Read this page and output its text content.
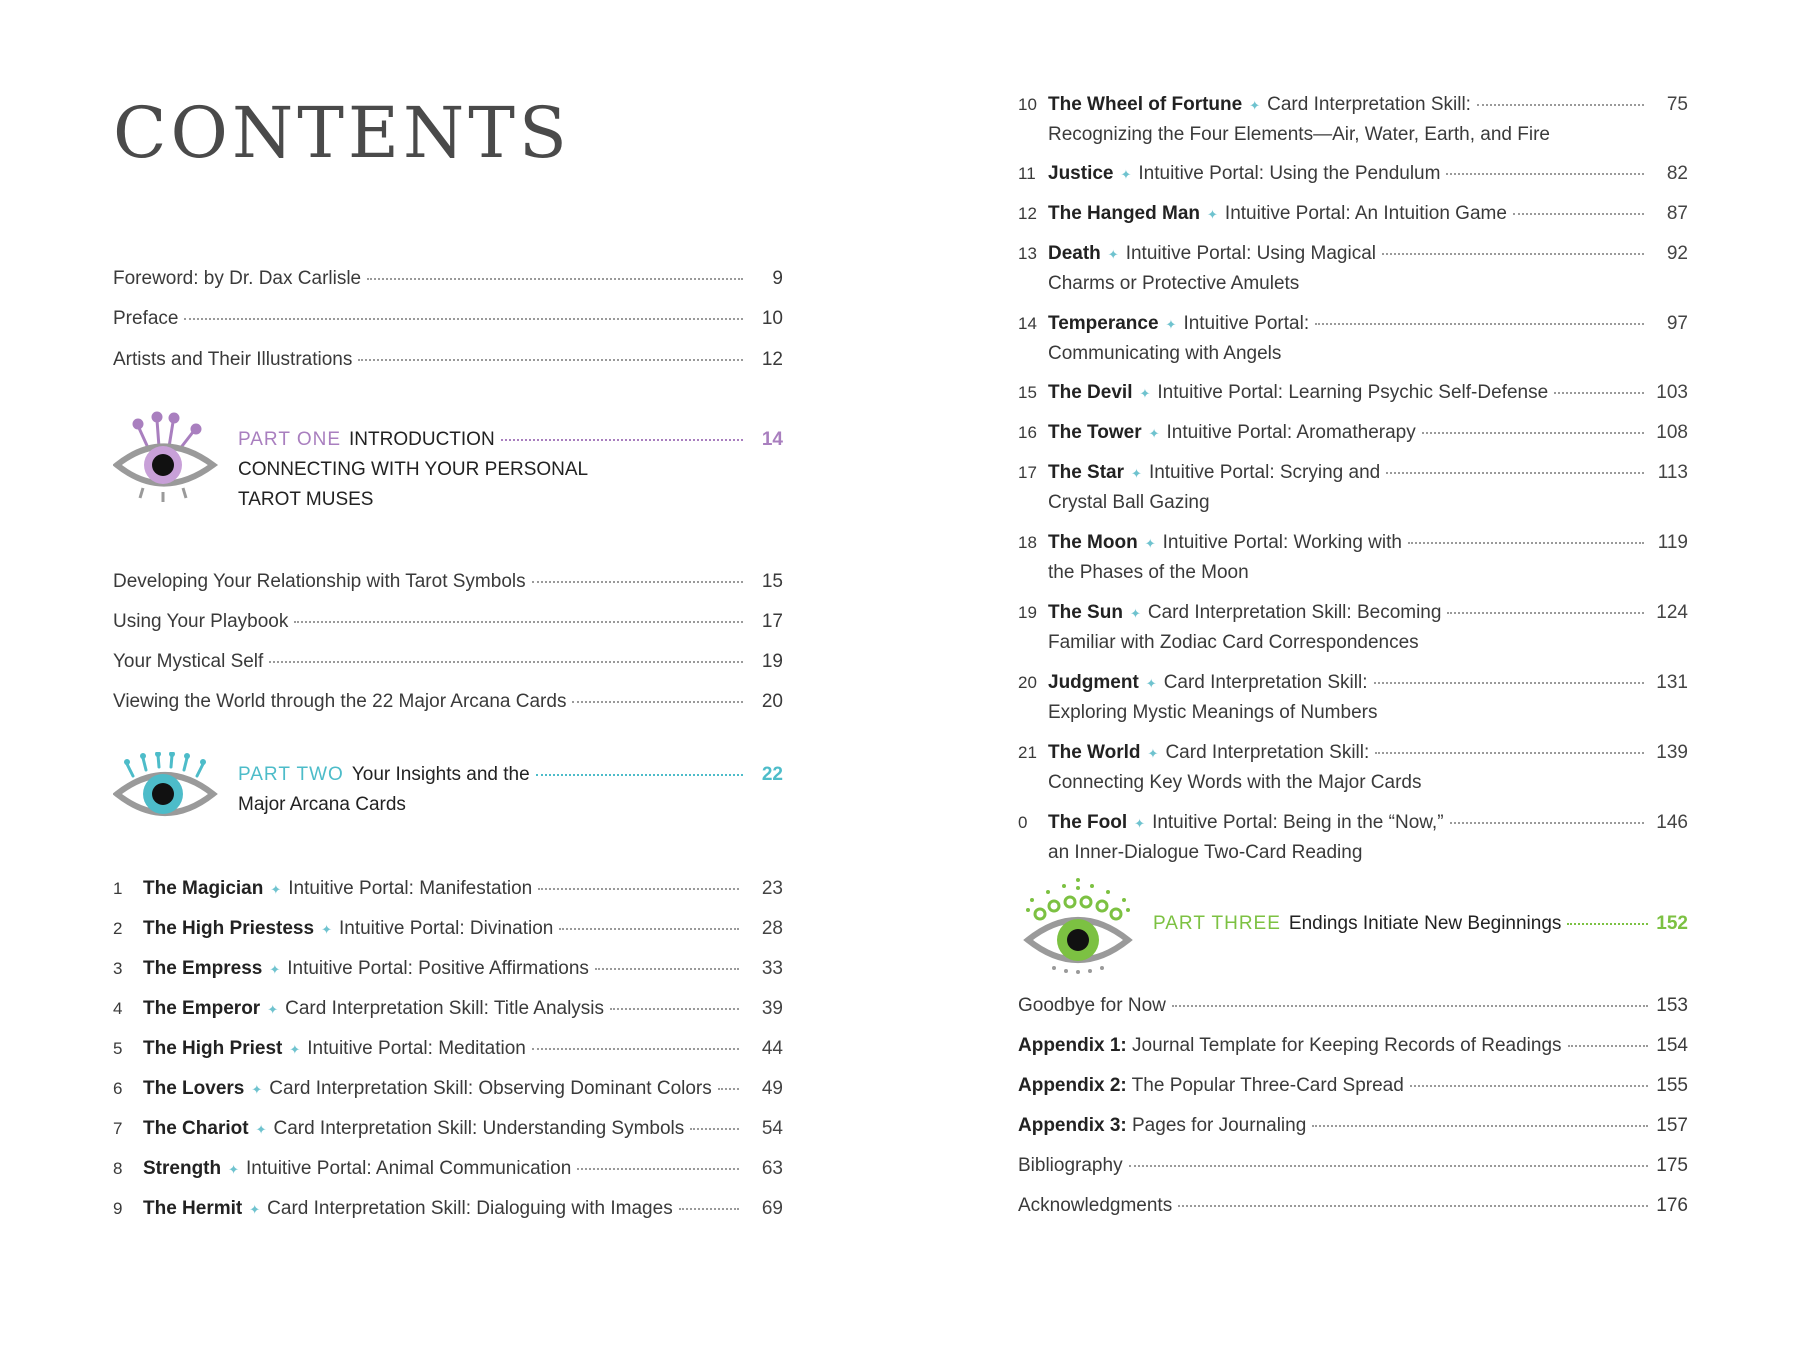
CONTENTS
Foreword: by Dr. Dax Carlisle	9
Preface	10
Artists and Their Illustrations	12
PART ONE INTRODUCTION	14
CONNECTING WITH YOUR PERSONAL
TAROT MUSES
Developing Your Relationship with Tarot Symbols	15
Using Your Playbook	17
Your Mystical Self	19
Viewing the World through the 22 Major Arcana Cards	20
PART TWO Your Insights and the	22
Major Arcana Cards
1	The Magician ✦ Intuitive Portal: Manifestation	23
2	The High Priestess ✦ Intuitive Portal: Divination	28
3	The Empress ✦ Intuitive Portal: Positive Affirmations	33
4	The Emperor ✦ Card Interpretation Skill: Title Analysis	39
5	The High Priest ✦ Intuitive Portal: Meditation	44
6	The Lovers ✦ Card Interpretation Skill: Observing Dominant Colors	49
7	The Chariot ✦ Card Interpretation Skill: Understanding Symbols	54
8	Strength ✦ Intuitive Portal: Animal Communication	63
9	The Hermit ✦ Card Interpretation Skill: Dialoguing with Images	69
10 The Wheel of Fortune ✦ Card Interpretation Skill:	75
Recognizing the Four Elements—Air, Water, Earth, and Fire
11 Justice ✦ Intuitive Portal: Using the Pendulum	82
12 The Hanged Man ✦ Intuitive Portal: An Intuition Game	87
13 Death ✦ Intuitive Portal: Using Magical	92
Charms or Protective Amulets
14 Temperance ✦ Intuitive Portal:	97
Communicating with Angels
15 The Devil ✦ Intuitive Portal: Learning Psychic Self-Defense	103
16 The Tower ✦ Intuitive Portal: Aromatherapy	108
17 The Star ✦ Intuitive Portal: Scrying and	113
Crystal Ball Gazing
18 The Moon ✦ Intuitive Portal: Working with	119
the Phases of the Moon
19 The Sun ✦ Card Interpretation Skill: Becoming	124
Familiar with Zodiac Card Correspondences
20 Judgment ✦ Card Interpretation Skill:	131
Exploring Mystic Meanings of Numbers
21 The World ✦ Card Interpretation Skill:	139
Connecting Key Words with the Major Cards
0	The Fool ✦ Intuitive Portal: Being in the “Now,”	146
an Inner-Dialogue Two-Card Reading
PART THREE Endings Initiate New Beginnings	152
Goodbye for Now	153
Appendix 1: Journal Template for Keeping Records of Readings	154
Appendix 2: The Popular Three-Card Spread	155
Appendix 3: Pages for Journaling	157
Bibliography	175
Acknowledgments	176
